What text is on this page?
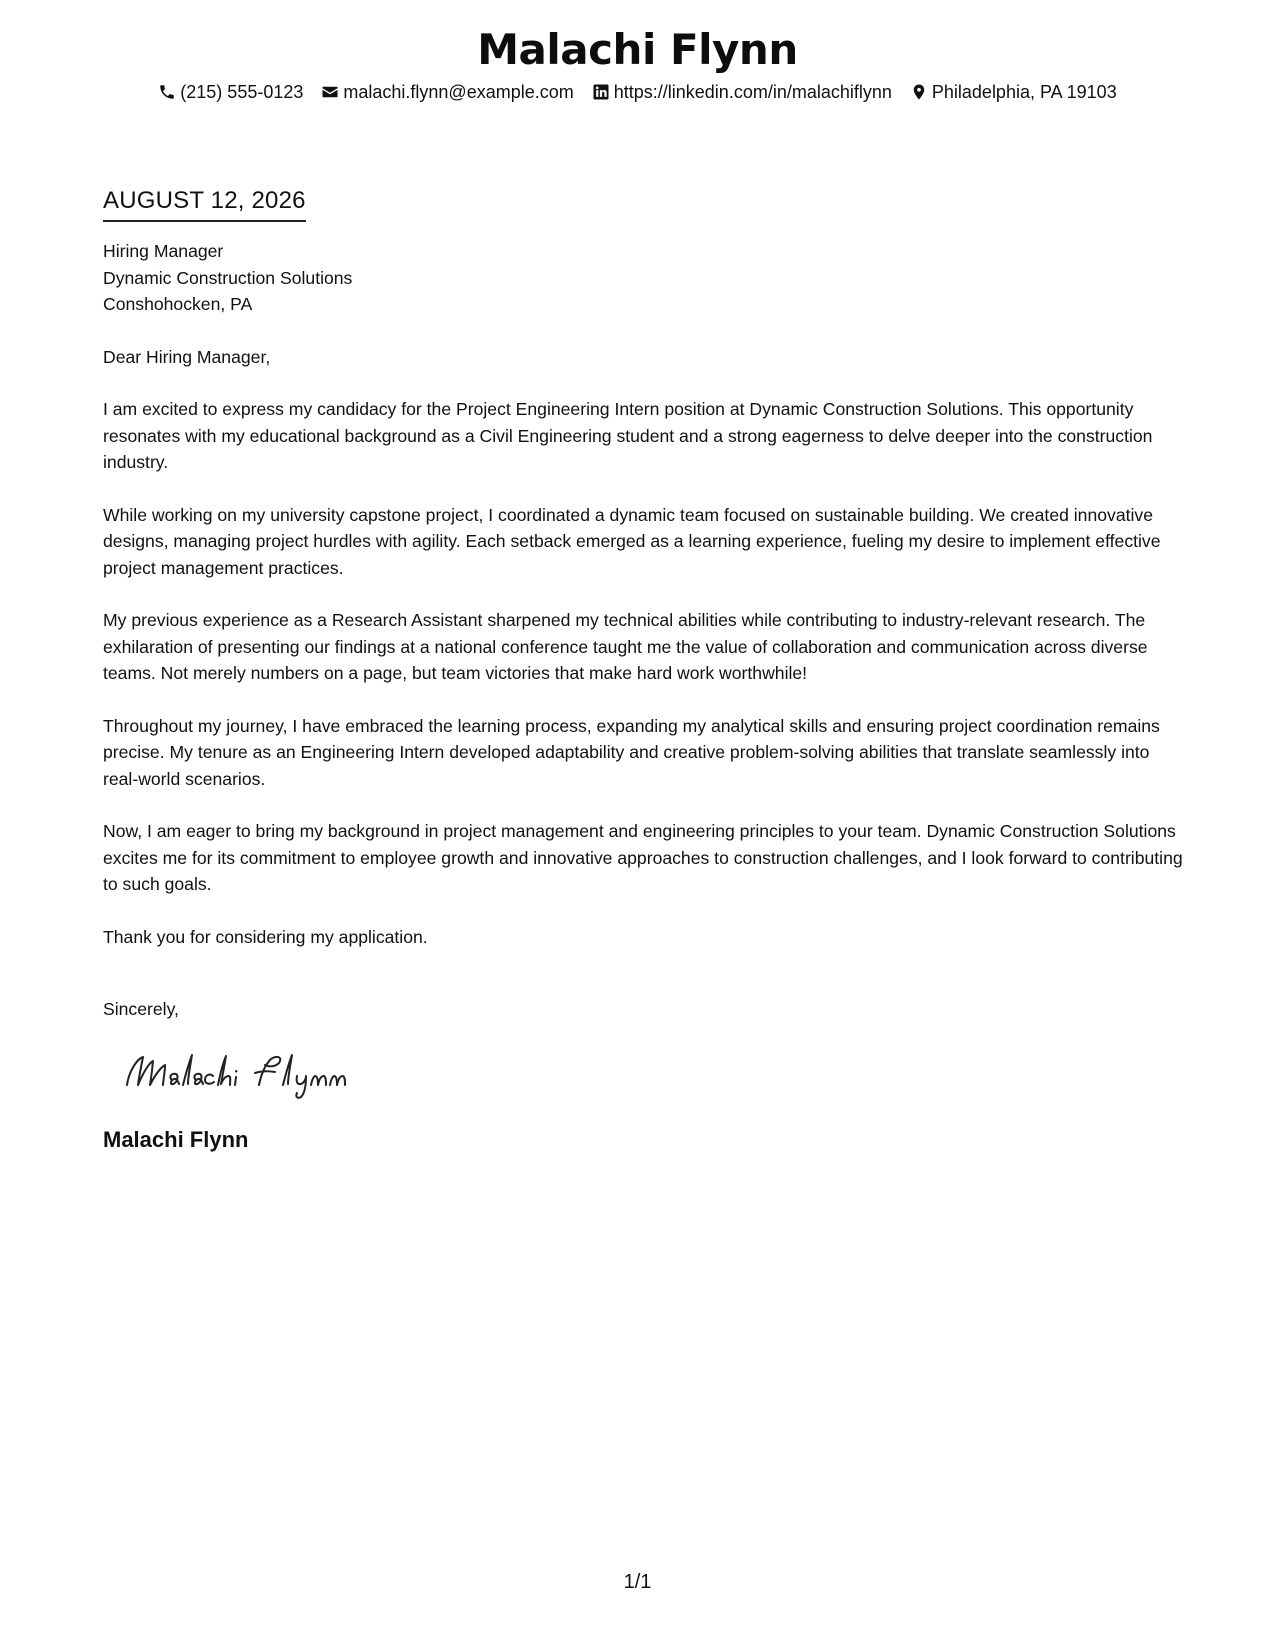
Malachi Flynn
(215) 555-0123 malachi.flynn@example.com https://linkedin.com/in/malachiflynn Philadelphia, PA 19103
AUGUST 12, 2026
Hiring Manager
Dynamic Construction Solutions
Conshohocken, PA
Dear Hiring Manager,

I am excited to express my candidacy for the Project Engineering Intern position at Dynamic Construction Solutions. This opportunity resonates with my educational background as a Civil Engineering student and a strong eagerness to delve deeper into the construction industry.

While working on my university capstone project, I coordinated a dynamic team focused on sustainable building. We created innovative designs, managing project hurdles with agility. Each setback emerged as a learning experience, fueling my desire to implement effective project management practices.

My previous experience as a Research Assistant sharpened my technical abilities while contributing to industry-relevant research. The exhilaration of presenting our findings at a national conference taught me the value of collaboration and communication across diverse teams. Not merely numbers on a page, but team victories that make hard work worthwhile!

Throughout my journey, I have embraced the learning process, expanding my analytical skills and ensuring project coordination remains precise. My tenure as an Engineering Intern developed adaptability and creative problem-solving abilities that translate seamlessly into real-world scenarios.

Now, I am eager to bring my background in project management and engineering principles to your team. Dynamic Construction Solutions excites me for its commitment to employee growth and innovative approaches to construction challenges, and I look forward to contributing to such goals.

Thank you for considering my application.

Sincerely,
Malachi Flynn
1/1
